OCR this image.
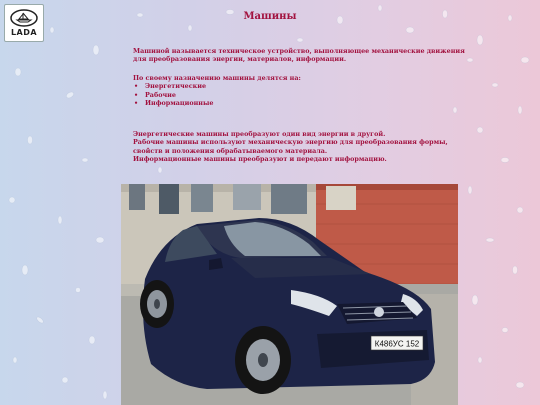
LADA
Машины
Машиной называется техническое устройство, выполняющее механические движения
для преобразования энергии, материалов, информации.
По своему назначению машины делятся на:
• Энергетические
• Рабочие
• Информационные
Энергетические машины преобразуют один вид энергии в другой.
Рабочие машины используют механическую энергию для преобразования формы,
свойств и положения обрабатываемого материала.
Информационные машины преобразуют и передают информацию.
К486УС 152
